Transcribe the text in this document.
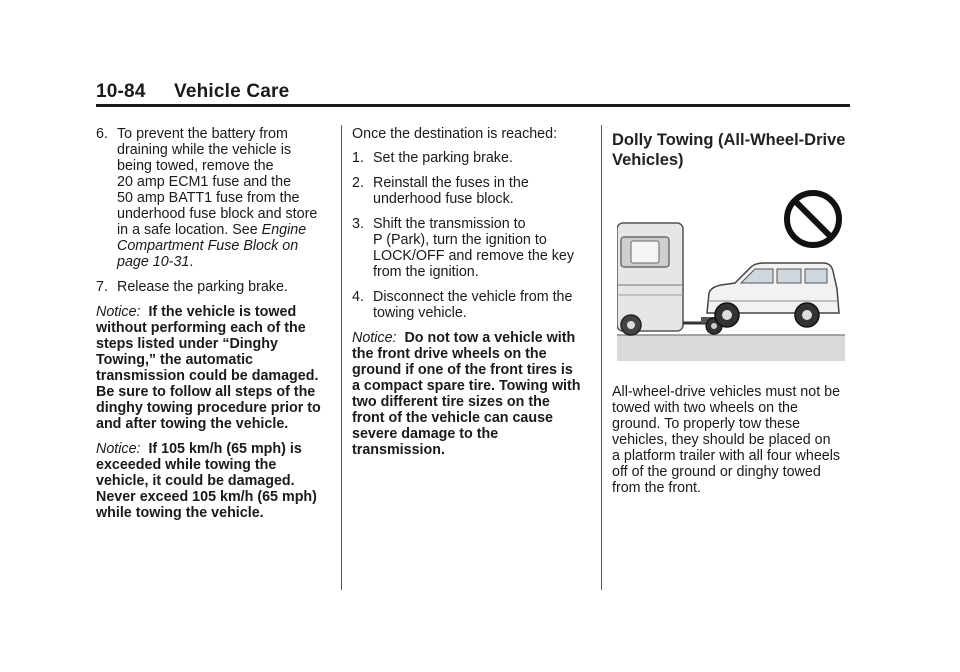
10-84 Vehicle Care
6. To prevent the battery from
draining while the vehicle is
being towed, remove the
20 amp ECM1 fuse and the
50 amp BATT1 fuse from the
underhood fuse block and store
in a safe location. See Engine
Compartment Fuse Block on
page 10-31.
7. Release the parking brake.
Notice: If the vehicle is towed
without performing each of the
steps listed under “Dinghy
Towing,” the automatic
transmission could be damaged.
Be sure to follow all steps of the
dinghy towing procedure prior to
and after towing the vehicle.
Notice: If 105 km/h (65 mph) is
exceeded while towing the
vehicle, it could be damaged.
Never exceed 105 km/h (65 mph)
while towing the vehicle.

Once the destination is reached:

1. Set the parking brake.
2. Reinstall the fuses in the
underhood fuse block.
3. Shift the transmission to
P (Park), turn the ignition to
LOCK/OFF and remove the key
from the ignition.
4. Disconnect the vehicle from the
towing vehicle.
Notice: Do not tow a vehicle with
the front drive wheels on the
ground if one of the front tires is
a compact spare tire. Towing with
two different tire sizes on the
front of the vehicle can cause
severe damage to the
transmission.
Dolly Towing (All-Wheel-Drive
Vehicles)

All-wheel-drive vehicles must not be
towed with two wheels on the
ground. To properly tow these
vehicles, they should be placed on
a platform trailer with all four wheels
off of the ground or dinghy towed
from the front.
